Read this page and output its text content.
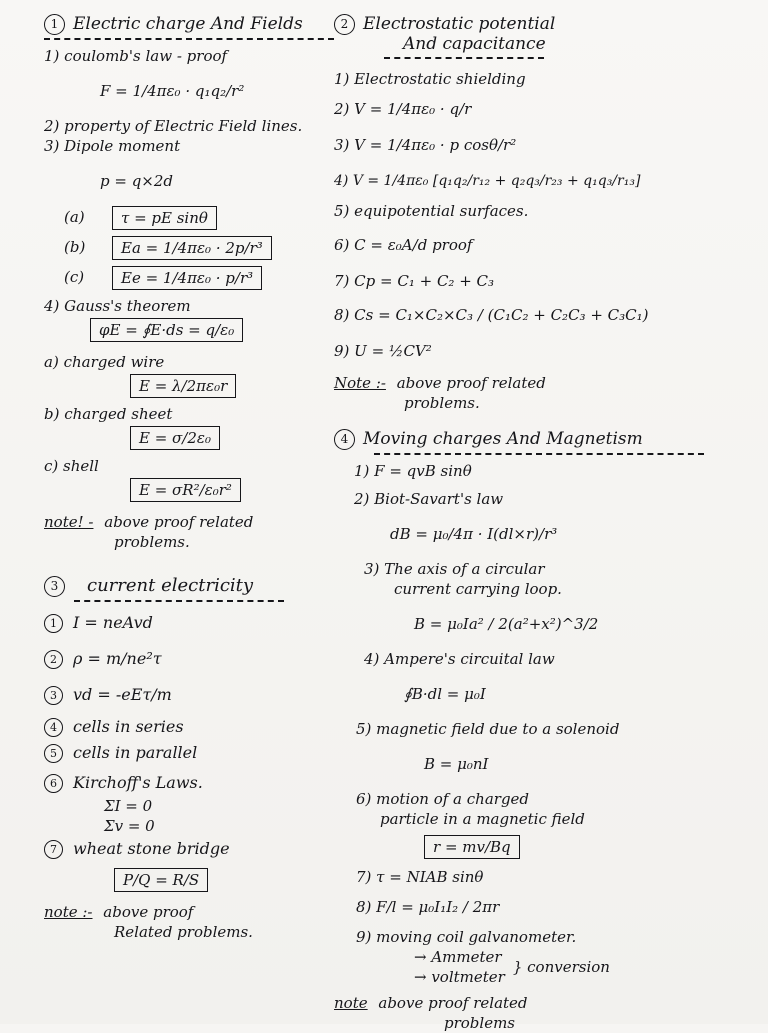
1 Electric charge And Fields

1) coulomb's law - proof

F = 1/4πε₀ · q₁q₂/r²

2) property of Electric Field lines.

3) Dipole moment

p = q×2d

(a)	τ = pE sinθ
(b)	Ea = 1/4πε₀ · 2p/r³
(c)	Ee = 1/4πε₀ · p/r³

4) Gauss's theorem

φE = ∮E·ds = q/ε₀

a) charged wire

E = λ/2πε₀r

b) charged sheet

E = σ/2ε₀

c) shell

E = σR²/ε₀r²
note! - above proof related
problems.
3	current electricity
1	I = neAvd
2	ρ = m/ne²τ
3	vd = -eEτ/m
4	cells in series
5	cells in parallel
6	Kirchoff's Laws.

ΣI = 0

Σv = 0

7	wheat stone bridge
P/Q = R/S
note :- above proof
Related problems.
2 Electrostatic potential
And capacitance

1) Electrostatic shielding

2) V = 1/4πε₀ · q/r

3) V = 1/4πε₀ · p cosθ/r²

4) V = 1/4πε₀ [q₁q₂/r₁₂ + q₂q₃/r₂₃ + q₁q₃/r₁₃]

5) equipotential surfaces.

6) C = ε₀A/d proof

7) Cp = C₁ + C₂ + C₃

8) Cs = C₁×C₂×C₃ / (C₁C₂ + C₂C₃ + C₃C₁)

9) U = ½CV²

Note :- above proof related
problems.
4 Moving charges And Magnetism

1) F = qvB sinθ

2) Biot-Savart's law

dB = μ₀/4π · I(dl×r)/r³

3) The axis of a circular

current carrying loop.

B = μ₀Ia² / 2(a²+x²)^3/2

4) Ampere's circuital law

∮B·dl = μ₀I

5) magnetic field due to a solenoid

B = μ₀nI

6) motion of a charged

particle in a magnetic field

r = mv/Bq

7) τ = NIAB sinθ

8) F/l = μ₀I₁I₂ / 2πr

9) moving coil galvanometer.

→ Ammeter

→ voltmeter

} conversion
note above proof related
problems
